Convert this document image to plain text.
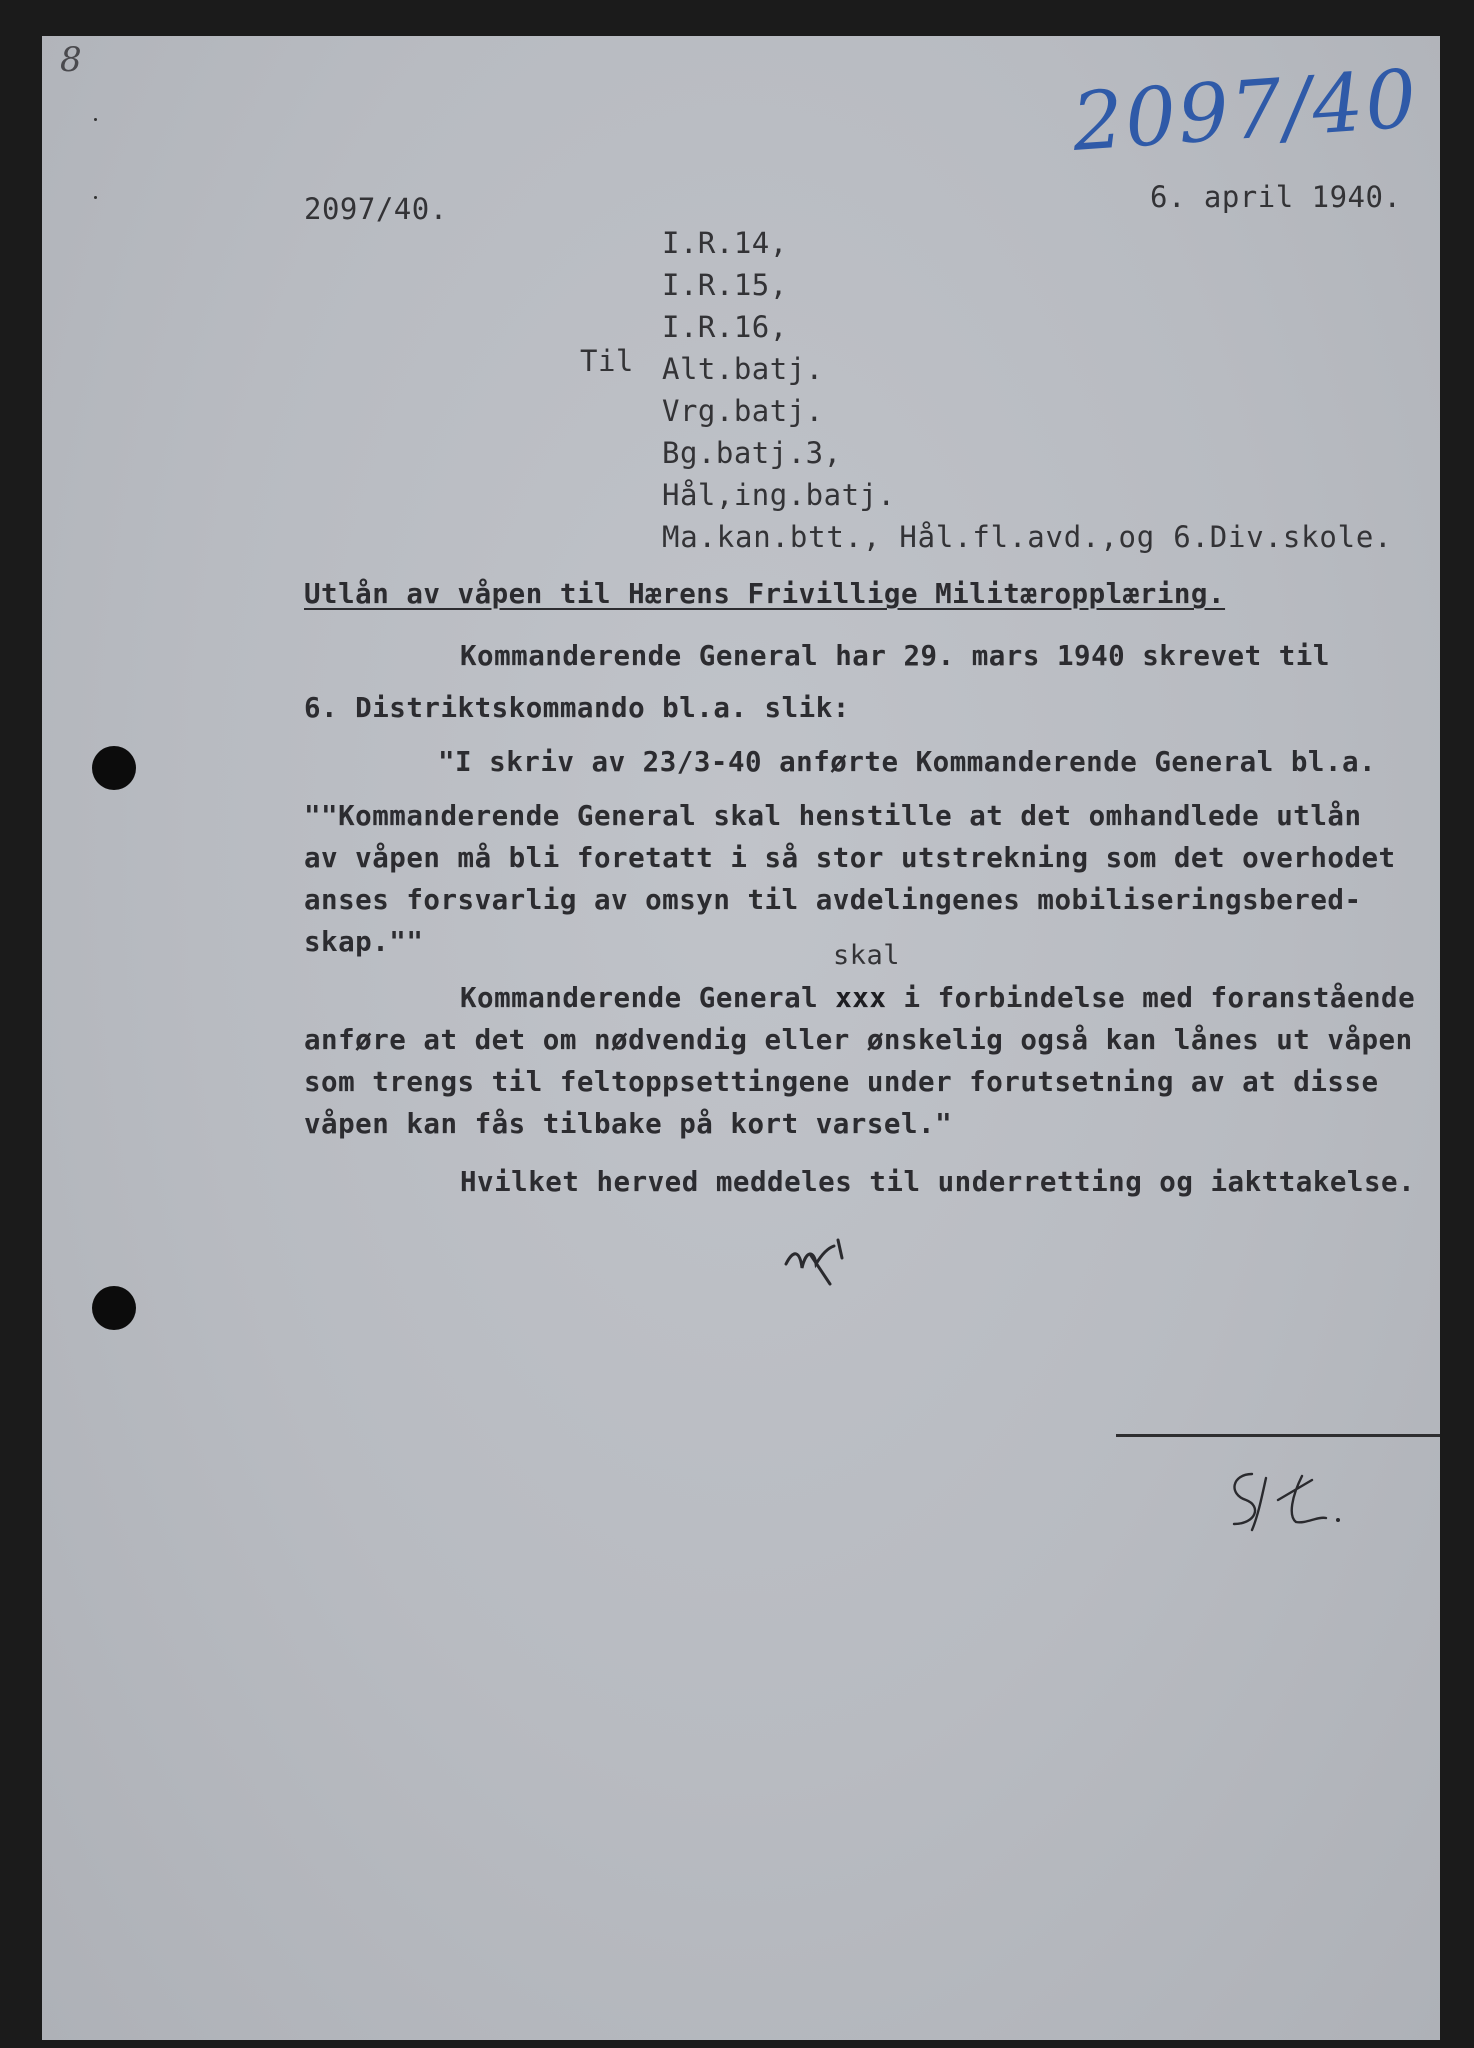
8	2097/40
2097/40.	6. april 1940.
Til
I.R.14,
I.R.15,
I.R.16,
Alt.batj.
Vrg.batj.
Bg.batj.3,
Hål,ing.batj.
Ma.kan.btt., Hål.fl.avd.,og 6.Div.skole.
Utlån av våpen til Hærens Frivillige Militæropplæring.
Kommanderende General har 29. mars 1940 skrevet til
6. Distriktskommando bl.a. slik:
"I skriv av 23/3-40 anførte Kommanderende General bl.a.
""Kommanderende General skal henstille at det omhandlede utlån
av våpen må bli foretatt i så stor utstrekning som det overhodet
anses forsvarlig av omsyn til avdelingenes mobiliseringsbered-
skap.""	skal
Kommanderende General xxx i forbindelse med foranstående
anføre at det om nødvendig eller ønskelig også kan lånes ut våpen
som trengs til feltoppsettingene under forutsetning av at disse
våpen kan fås tilbake på kort varsel."
Hvilket herved meddeles til underretting og iakttakelse.
